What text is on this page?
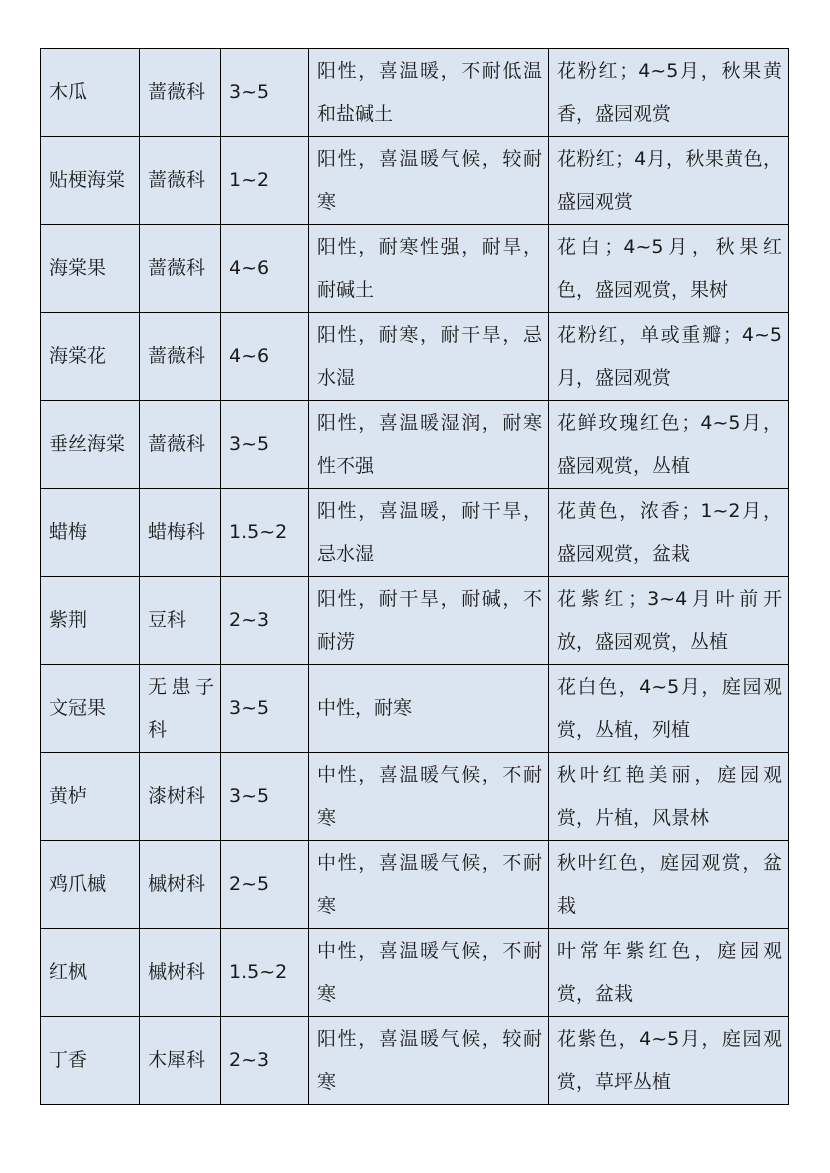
木瓜	蔷薇科	3~5	阳性，喜温暖，不耐低温和盐碱土	花粉红；4~5月，秋果黄香，盛园观赏
贴梗海棠	蔷薇科	1~2	阳性，喜温暖气候，较耐寒	花粉红；4月，秋果黄色，盛园观赏
海棠果	蔷薇科	4~6	阳性，耐寒性强，耐旱，耐碱土	花白；4~5月，秋果红色，盛园观赏，果树
海棠花	蔷薇科	4~6	阳性，耐寒，耐干旱，忌水湿	花粉红，单或重瓣；4~5月，盛园观赏
垂丝海棠	蔷薇科	3~5	阳性，喜温暖湿润，耐寒性不强	花鲜玫瑰红色；4~5月，盛园观赏，丛植
蜡梅	蜡梅科	1.5~2	阳性，喜温暖，耐干旱，忌水湿	花黄色，浓香；1~2月，盛园观赏，盆栽
紫荆	豆科	2~3	阳性，耐干旱，耐碱，不耐涝	花紫红；3~4月叶前开放，盛园观赏，丛植
文冠果	无患子科	3~5	中性，耐寒	花白色，4~5月，庭园观赏，丛植，列植
黄栌	漆树科	3~5	中性，喜温暖气候，不耐寒	秋叶红艳美丽，庭园观赏，片植，风景林
鸡爪槭	槭树科	2~5	中性，喜温暖气候，不耐寒	秋叶红色，庭园观赏，盆栽
红枫	槭树科	1.5~2	中性，喜温暖气候，不耐寒	叶常年紫红色，庭园观赏，盆栽
丁香	木犀科	2~3	阳性，喜温暖气候，较耐寒	花紫色，4~5月，庭园观赏，草坪丛植
